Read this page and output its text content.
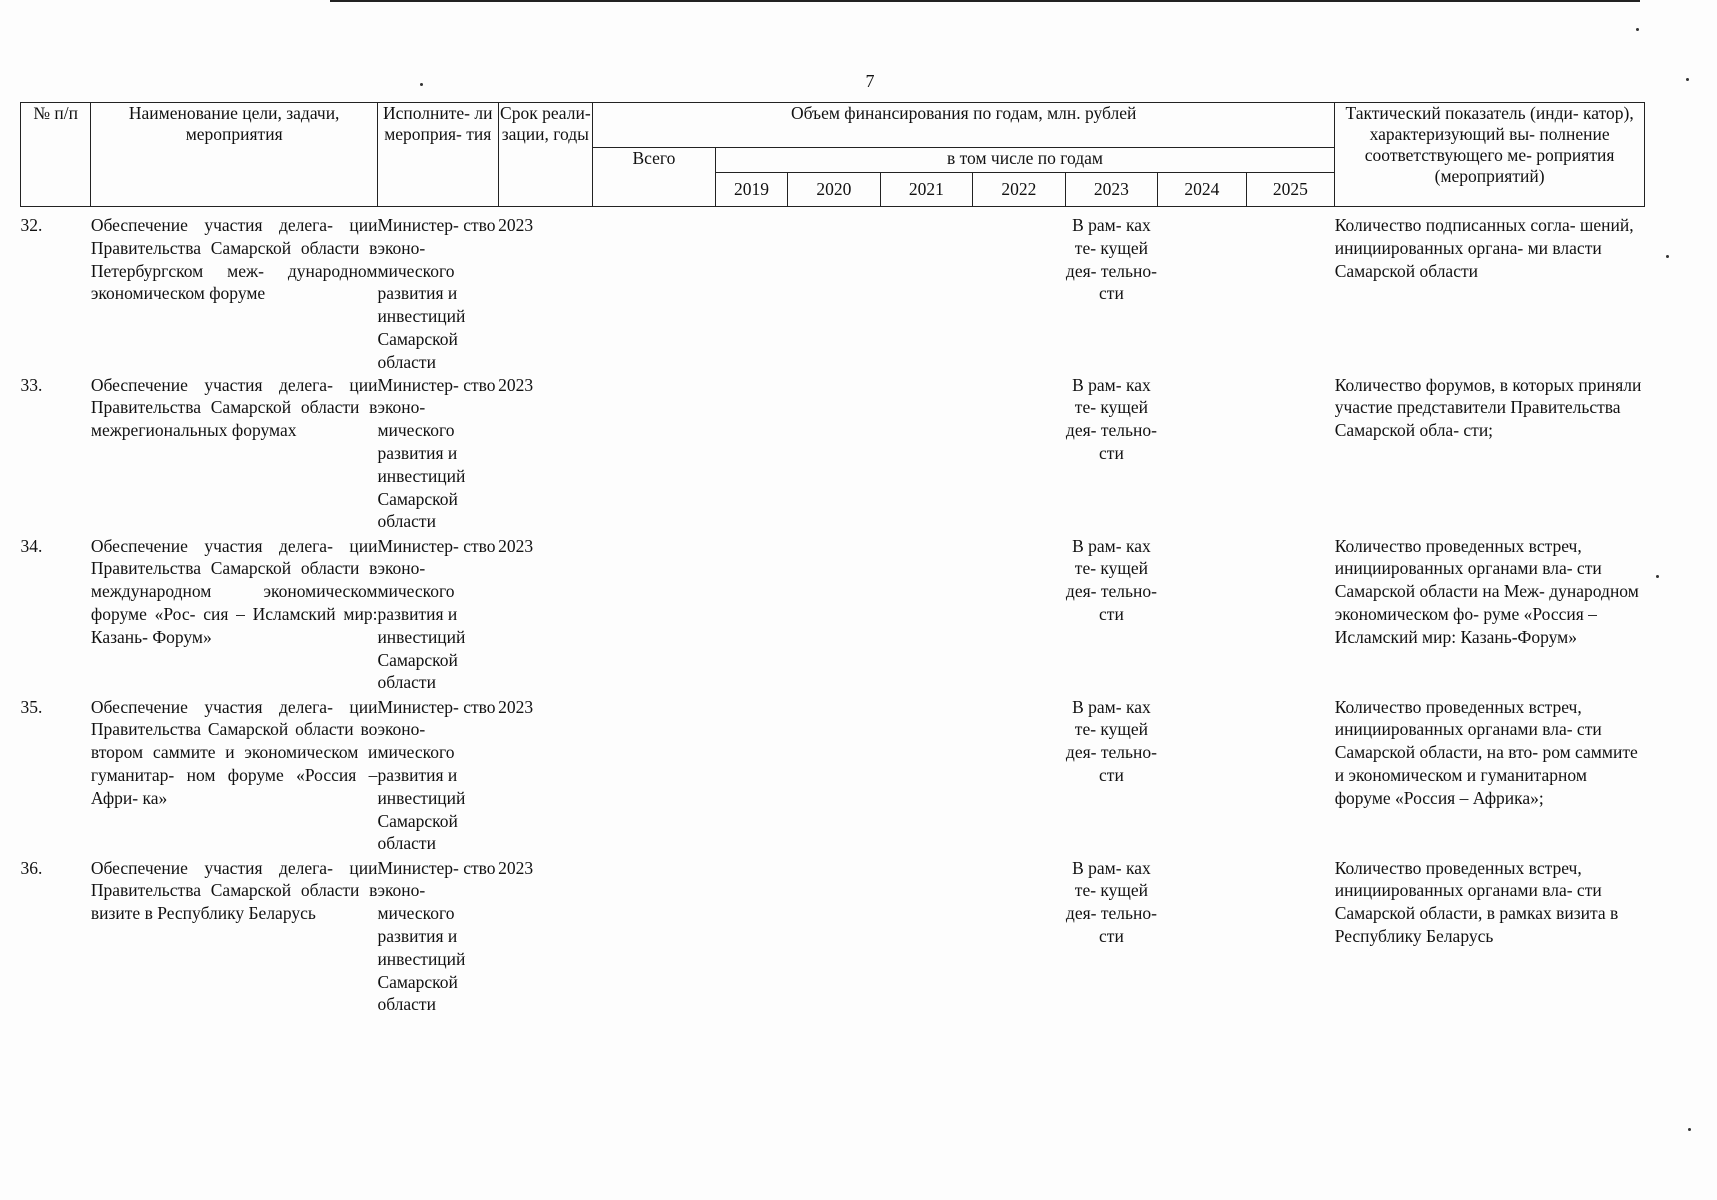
7
№ п/п	Наименование цели, задачи, мероприятия	Исполните- ли мероприя- тия	Срок реали- зации, годы	Объем финансирования по годам, млн. рублей								Тактический показатель (инди- катор), характеризующий вы- полнение соответствующего ме- роприятия (мероприятий)
				Всего	в том числе по годам							
					2019	2020	2021	2022	2023	2024	2025	
32.	Обеспечение участия делега- ции Правительства Самарской области в Петербургском меж- дународном экономическом форуме	Министер- ство эконо- мического развития и инвестиций Самарской области	2023						В рам- ках те- кущей дея- тельно- сти			Количество подписанных согла- шений, инициированных органа- ми власти Самарской области
33.	Обеспечение участия делега- ции Правительства Самарской области в межрегиональных форумах	Министер- ство эконо- мического развития и инвестиций Самарской области	2023						В рам- ках те- кущей дея- тельно- сти			Количество форумов, в которых приняли участие представители Правительства Самарской обла- сти;
34.	Обеспечение участия делега- ции Правительства Самарской области в международном экономическом форуме «Рос- сия – Исламский мир: Казань- Форум»	Министер- ство эконо- мического развития и инвестиций Самарской области	2023						В рам- ках те- кущей дея- тельно- сти			Количество проведенных встреч, инициированных органами вла- сти Самарской области на Меж- дународном экономическом фо- руме «Россия – Исламский мир: Казань-Форум»
35.	Обеспечение участия делега- ции Правительства Самарской области во втором саммите и экономическом и гуманитар- ном форуме «Россия – Афри- ка»	Министер- ство эконо- мического развития и инвестиций Самарской области	2023						В рам- ках те- кущей дея- тельно- сти			Количество проведенных встреч, инициированных органами вла- сти Самарской области, на вто- ром саммите и экономическом и гуманитарном форуме «Россия – Африка»;
36.	Обеспечение участия делега- ции Правительства Самарской области в визите в Республику Беларусь	Министер- ство эконо- мического развития и инвестиций Самарской области	2023						В рам- ках те- кущей дея- тельно- сти			Количество проведенных встреч, инициированных органами вла- сти Самарской области, в рамках визита в Республику Беларусь
